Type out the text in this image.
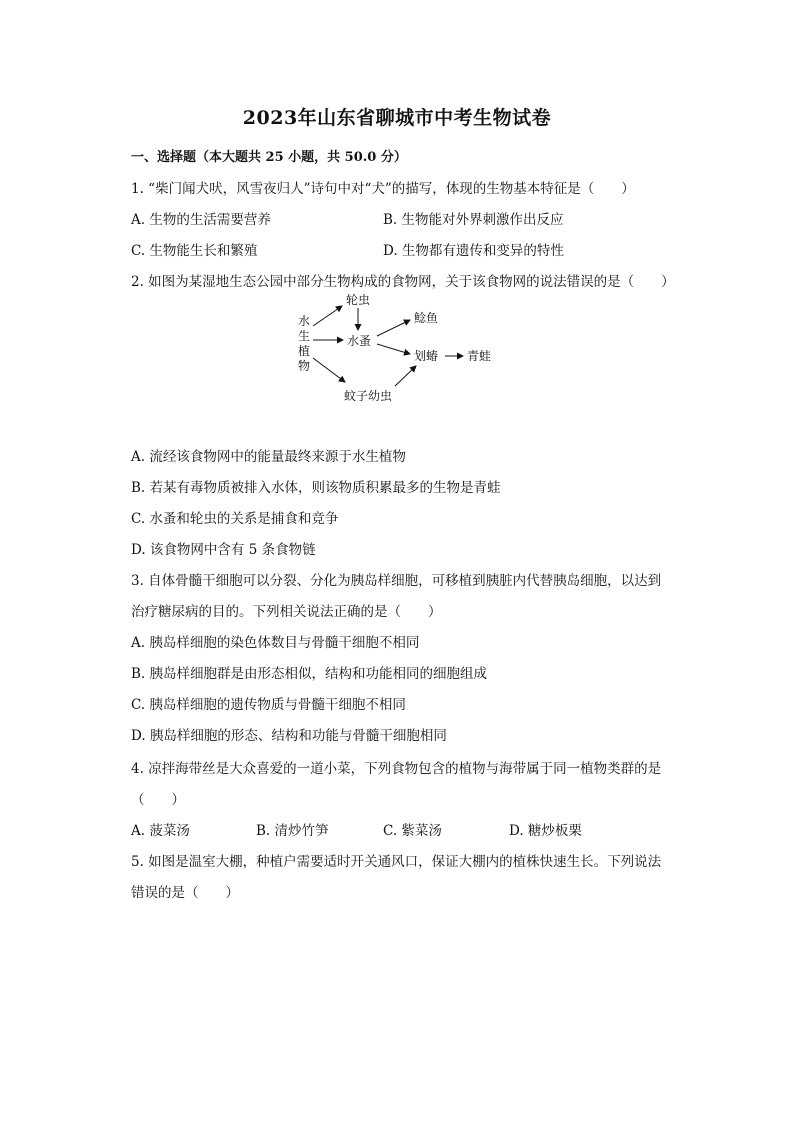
2023年山东省聊城市中考生物试卷
一、选择题（本大题共 25 小题，共 50.0 分）
1. “柴门闻犬吠，风雪夜归人”诗句中对“犬”的描写，体现的生物基本特征是（　　）
A. 生物的生活需要营养	B. 生物能对外界刺激作出反应
C. 生物能生长和繁殖	D. 生物都有遗传和变异的特性
2. 如图为某湿地生态公园中部分生物构成的食物网，关于该食物网的说法错误的是（　　）
水
生
植
物
轮虫
水蚤
鲶鱼
划蝽 青蛙
蚊子幼虫
A. 流经该食物网中的能量最终来源于水生植物
B. 若某有毒物质被排入水体，则该物质积累最多的生物是青蛙
C. 水蚤和轮虫的关系是捕食和竞争
D. 该食物网中含有 5 条食物链
3. 自体骨髓干细胞可以分裂、分化为胰岛样细胞，可移植到胰脏内代替胰岛细胞，以达到
治疗糖尿病的目的。下列相关说法正确的是（　　）
A. 胰岛样细胞的染色体数目与骨髓干细胞不相同
B. 胰岛样细胞群是由形态相似，结构和功能相同的细胞组成
C. 胰岛样细胞的遗传物质与骨髓干细胞不相同
D. 胰岛样细胞的形态、结构和功能与骨髓干细胞相同
4. 凉拌海带丝是大众喜爱的一道小菜，下列食物包含的植物与海带属于同一植物类群的是
（　　）
A. 菠菜汤	B. 清炒竹笋	C. 紫菜汤	D. 糖炒板栗
5. 如图是温室大棚，种植户需要适时开关通风口，保证大棚内的植株快速生长。下列说法
错误的是（　　）
